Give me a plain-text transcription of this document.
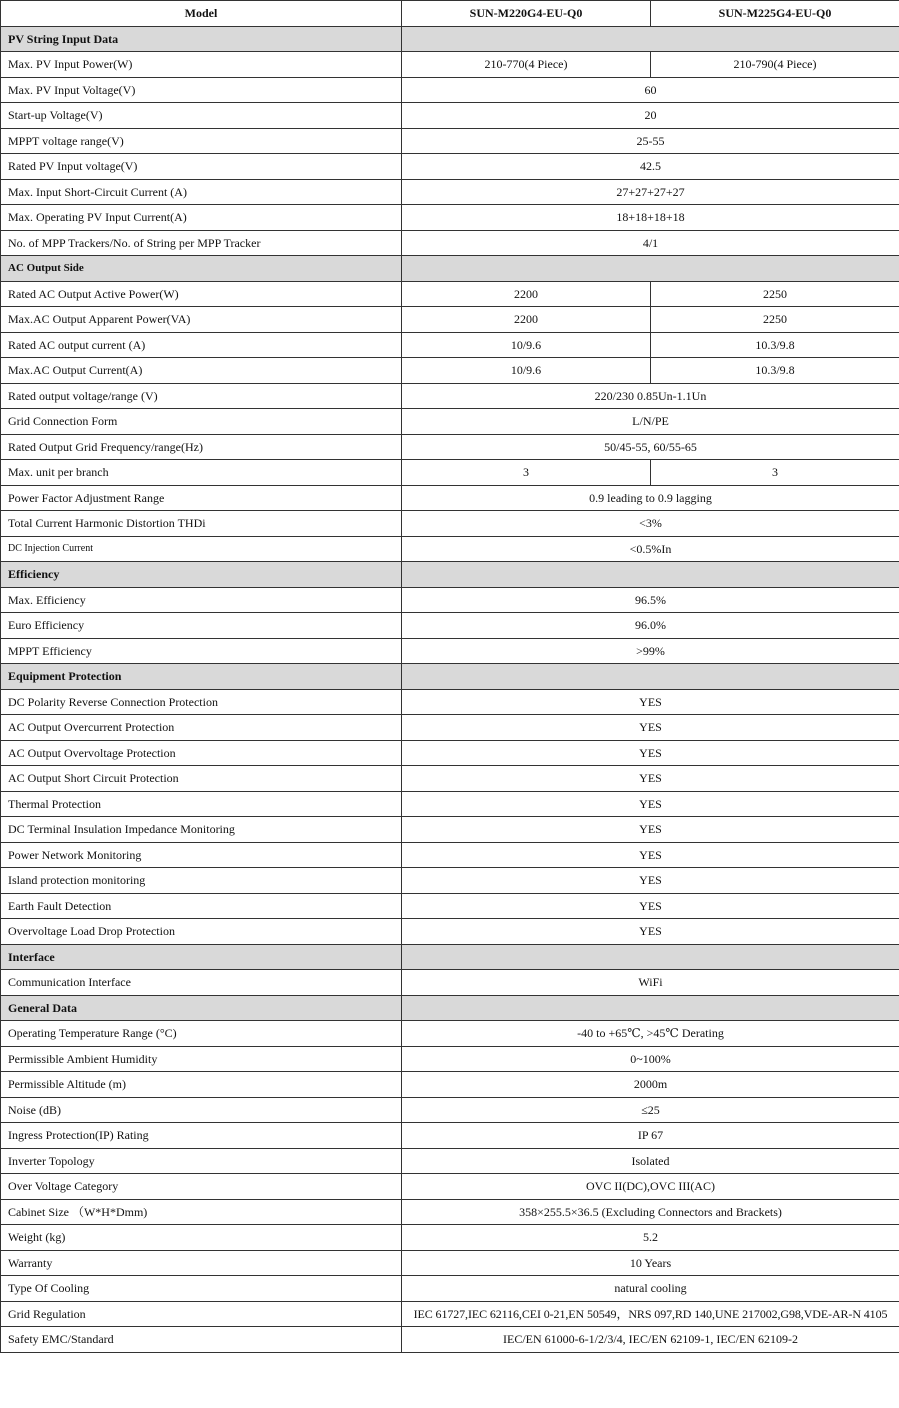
Model	SUN-M220G4-EU-Q0	SUN-M225G4-EU-Q0
PV String Input Data		
Max. PV Input Power(W)	210-770(4 Piece)	210-790(4 Piece)
Max. PV Input Voltage(V)	60	
Start-up Voltage(V)	20	
MPPT voltage range(V)	25-55	
Rated PV Input voltage(V)	42.5	
Max. Input Short-Circuit Current (A)	27+27+27+27	
Max. Operating PV Input Current(A)	18+18+18+18	
No. of MPP Trackers/No. of String per MPP Tracker	4/1	
AC Output Side		
Rated AC Output Active Power(W)	2200	2250
Max.AC Output Apparent Power(VA)	2200	2250
Rated AC output current (A)	10/9.6	10.3/9.8
Max.AC Output Current(A)	10/9.6	10.3/9.8
Rated output voltage/range (V)	220/230 0.85Un-1.1Un	
Grid Connection Form	L/N/PE	
Rated Output Grid Frequency/range(Hz)	50/45-55, 60/55-65	
Max. unit per branch	3	3
Power Factor Adjustment Range	0.9 leading to 0.9 lagging	
Total Current Harmonic Distortion THDi	<3%	
DC Injection Current	<0.5%In	
Efficiency		
Max. Efficiency	96.5%	
Euro Efficiency	96.0%	
MPPT Efficiency	>99%	
Equipment Protection		
DC Polarity Reverse Connection Protection	YES	
AC Output Overcurrent Protection	YES	
AC Output Overvoltage Protection	YES	
AC Output Short Circuit Protection	YES	
Thermal Protection	YES	
DC Terminal Insulation Impedance Monitoring	YES	
Power Network Monitoring	YES	
Island protection monitoring	YES	
Earth Fault Detection	YES	
Overvoltage Load Drop Protection	YES	
Interface		
Communication Interface	WiFi	
General Data		
Operating Temperature Range (°C)	-40 to +65℃, >45℃ Derating	
Permissible Ambient Humidity	0~100%	
Permissible Altitude (m)	2000m	
Noise (dB)	≤25	
Ingress Protection(IP) Rating	IP 67	
Inverter Topology	Isolated	
Over Voltage Category	OVC II(DC),OVC III(AC)	
Cabinet Size （W*H*Dmm)	358×255.5×36.5 (Excluding Connectors and Brackets)	
Weight (kg)	5.2	
Warranty	10 Years	
Type Of Cooling	natural cooling	
Grid Regulation	IEC 61727,IEC 62116,CEI 0-21,EN 50549，NRS 097,RD 140,UNE 217002,G98,VDE-AR-N 4105	
Safety EMC/Standard	IEC/EN 61000-6-1/2/3/4, IEC/EN 62109-1, IEC/EN 62109-2	
